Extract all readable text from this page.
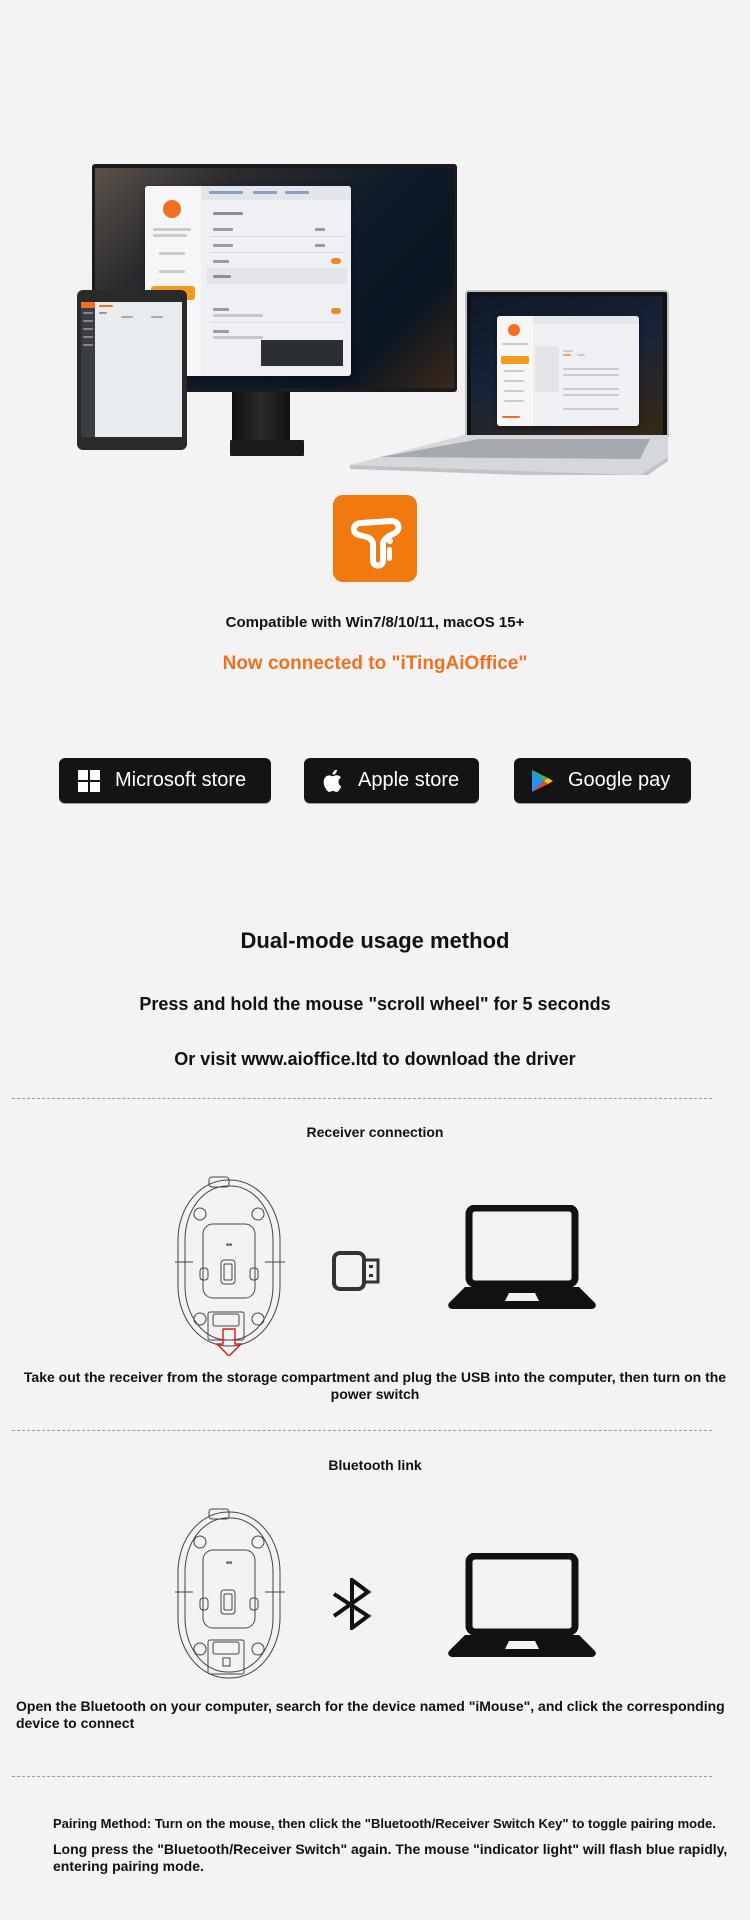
Compatible with Win7/8/10/11, macOS 15+
Now connected to "iTingAiOffice"
Microsoft store	Apple store	Google pay
Dual-mode usage method
Press and hold the mouse "scroll wheel" for 5 seconds
Or visit www.aioffice.ltd to download the driver
Receiver connection
■■
Take out the receiver from the storage compartment and plug the USB into the computer, then turn on the power switch
Bluetooth link
■■
Open the Bluetooth on your computer, search for the device named "iMouse", and click the corresponding device to connect
Pairing Method: Turn on the mouse, then click the "Bluetooth/Receiver Switch Key" to toggle pairing mode.
Long press the "Bluetooth/Receiver Switch" again. The mouse "indicator light" will flash blue rapidly, entering pairing mode.
